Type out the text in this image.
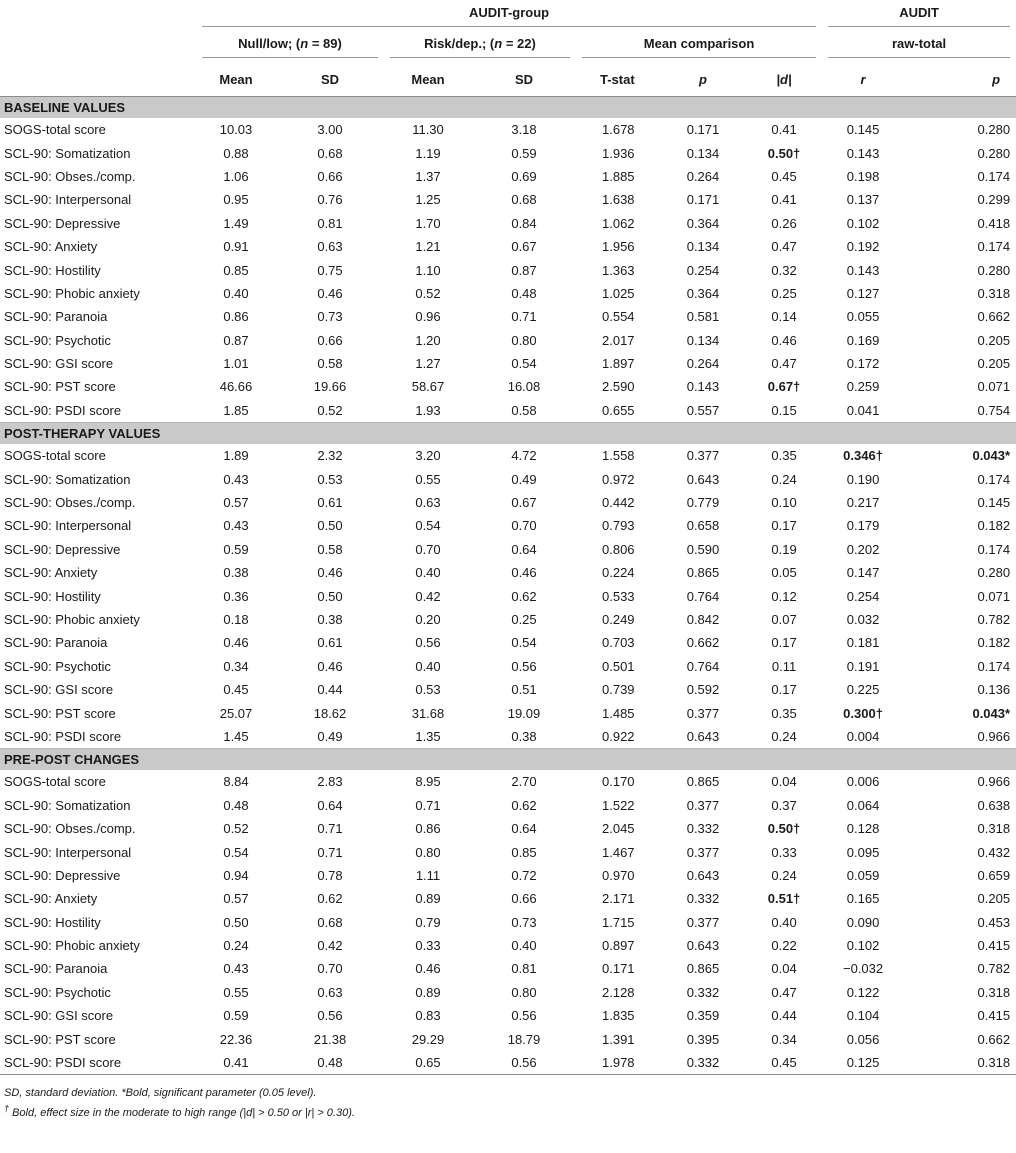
	AUDIT-group							AUDIT	

	Null/low; (n = 89)		Risk/dep.; (n = 22)		Mean comparison			raw-total	

	Mean	SD	Mean	SD	T-stat	p	|d|	r	p
BASELINE VALUES									
SOGS-total score	10.03	3.00	11.30	3.18	1.678	0.171	0.41	0.145	0.280
SCL-90: Somatization	0.88	0.68	1.19	0.59	1.936	0.134	0.50†	0.143	0.280
SCL-90: Obses./comp.	1.06	0.66	1.37	0.69	1.885	0.264	0.45	0.198	0.174
SCL-90: Interpersonal	0.95	0.76	1.25	0.68	1.638	0.171	0.41	0.137	0.299
SCL-90: Depressive	1.49	0.81	1.70	0.84	1.062	0.364	0.26	0.102	0.418
SCL-90: Anxiety	0.91	0.63	1.21	0.67	1.956	0.134	0.47	0.192	0.174
SCL-90: Hostility	0.85	0.75	1.10	0.87	1.363	0.254	0.32	0.143	0.280
SCL-90: Phobic anxiety	0.40	0.46	0.52	0.48	1.025	0.364	0.25	0.127	0.318
SCL-90: Paranoia	0.86	0.73	0.96	0.71	0.554	0.581	0.14	0.055	0.662
SCL-90: Psychotic	0.87	0.66	1.20	0.80	2.017	0.134	0.46	0.169	0.205
SCL-90: GSI score	1.01	0.58	1.27	0.54	1.897	0.264	0.47	0.172	0.205
SCL-90: PST score	46.66	19.66	58.67	16.08	2.590	0.143	0.67†	0.259	0.071
SCL-90: PSDI score	1.85	0.52	1.93	0.58	0.655	0.557	0.15	0.041	0.754
POST-THERAPY VALUES									
SOGS-total score	1.89	2.32	3.20	4.72	1.558	0.377	0.35	0.346†	0.043*
SCL-90: Somatization	0.43	0.53	0.55	0.49	0.972	0.643	0.24	0.190	0.174
SCL-90: Obses./comp.	0.57	0.61	0.63	0.67	0.442	0.779	0.10	0.217	0.145
SCL-90: Interpersonal	0.43	0.50	0.54	0.70	0.793	0.658	0.17	0.179	0.182
SCL-90: Depressive	0.59	0.58	0.70	0.64	0.806	0.590	0.19	0.202	0.174
SCL-90: Anxiety	0.38	0.46	0.40	0.46	0.224	0.865	0.05	0.147	0.280
SCL-90: Hostility	0.36	0.50	0.42	0.62	0.533	0.764	0.12	0.254	0.071
SCL-90: Phobic anxiety	0.18	0.38	0.20	0.25	0.249	0.842	0.07	0.032	0.782
SCL-90: Paranoia	0.46	0.61	0.56	0.54	0.703	0.662	0.17	0.181	0.182
SCL-90: Psychotic	0.34	0.46	0.40	0.56	0.501	0.764	0.11	0.191	0.174
SCL-90: GSI score	0.45	0.44	0.53	0.51	0.739	0.592	0.17	0.225	0.136
SCL-90: PST score	25.07	18.62	31.68	19.09	1.485	0.377	0.35	0.300†	0.043*
SCL-90: PSDI score	1.45	0.49	1.35	0.38	0.922	0.643	0.24	0.004	0.966
PRE-POST CHANGES									
SOGS-total score	8.84	2.83	8.95	2.70	0.170	0.865	0.04	0.006	0.966
SCL-90: Somatization	0.48	0.64	0.71	0.62	1.522	0.377	0.37	0.064	0.638
SCL-90: Obses./comp.	0.52	0.71	0.86	0.64	2.045	0.332	0.50†	0.128	0.318
SCL-90: Interpersonal	0.54	0.71	0.80	0.85	1.467	0.377	0.33	0.095	0.432
SCL-90: Depressive	0.94	0.78	1.11	0.72	0.970	0.643	0.24	0.059	0.659
SCL-90: Anxiety	0.57	0.62	0.89	0.66	2.171	0.332	0.51†	0.165	0.205
SCL-90: Hostility	0.50	0.68	0.79	0.73	1.715	0.377	0.40	0.090	0.453
SCL-90: Phobic anxiety	0.24	0.42	0.33	0.40	0.897	0.643	0.22	0.102	0.415
SCL-90: Paranoia	0.43	0.70	0.46	0.81	0.171	0.865	0.04	−0.032	0.782
SCL-90: Psychotic	0.55	0.63	0.89	0.80	2.128	0.332	0.47	0.122	0.318
SCL-90: GSI score	0.59	0.56	0.83	0.56	1.835	0.359	0.44	0.104	0.415
SCL-90: PST score	22.36	21.38	29.29	18.79	1.391	0.395	0.34	0.056	0.662
SCL-90: PSDI score	0.41	0.48	0.65	0.56	1.978	0.332	0.45	0.125	0.318
SD, standard deviation. *Bold, significant parameter (0.05 level).
† Bold, effect size in the moderate to high range (|d| > 0.50 or |r| > 0.30).
